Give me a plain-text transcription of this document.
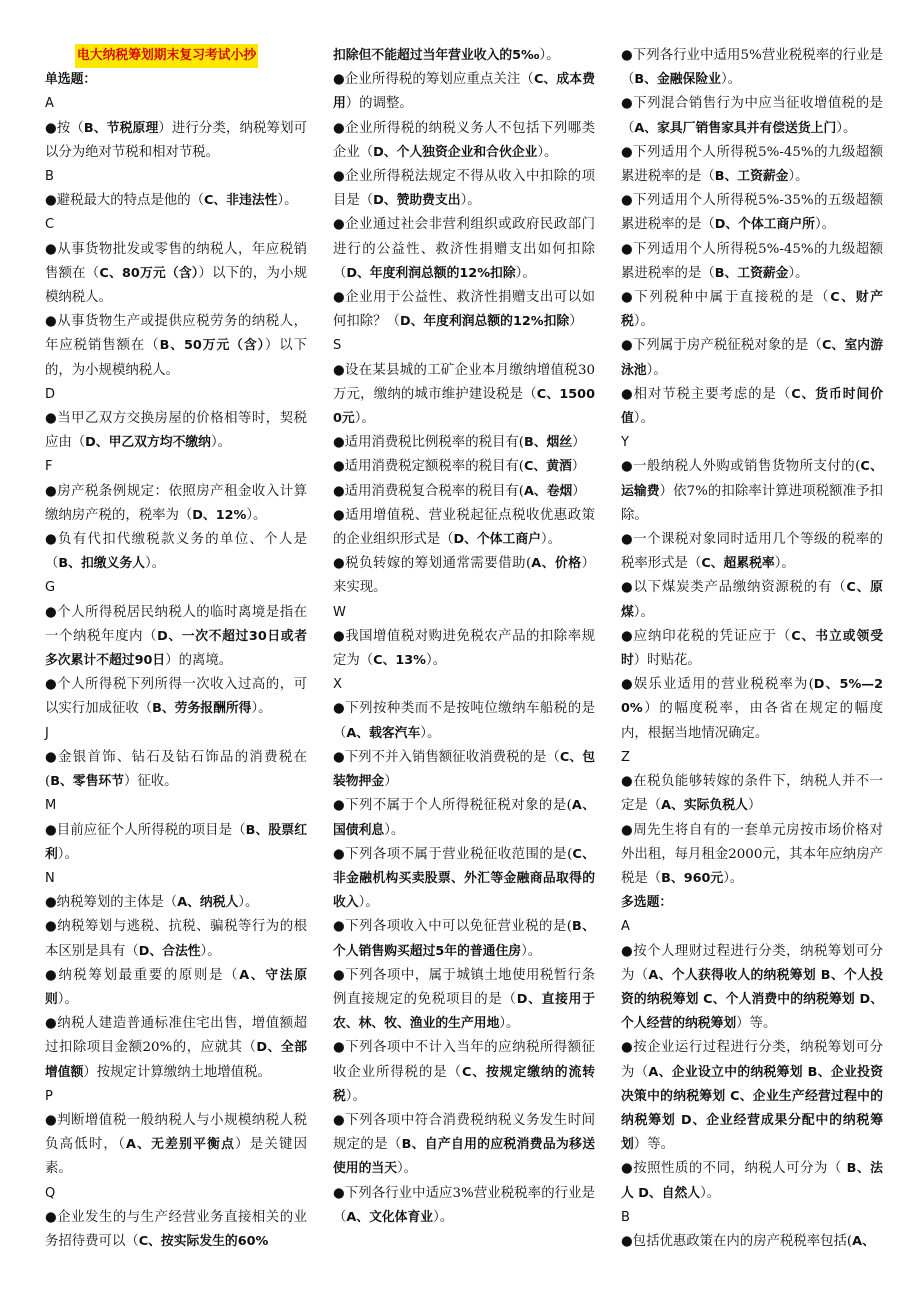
电大纳税筹划期末复习考试小抄
单选题：
A
●按（B、节税原理）进行分类，纳税筹划可以分为绝对节税和相对节税。
B
●避税最大的特点是他的（C、非违法性）。
C
●从事货物批发或零售的纳税人，年应税销售额在（C、80万元（含））以下的，为小规模纳税人。
●从事货物生产或提供应税劳务的纳税人，年应税销售额在（B、50万元（含））以下的，为小规模纳税人。
D
●当甲乙双方交换房屋的价格相等时，契税应由（D、甲乙双方均不缴纳）。
F
●房产税条例规定：依照房产租金收入计算缴纳房产税的，税率为（D、12%）。
●负有代扣代缴税款义务的单位、个人是（B、扣缴义务人）。
G
●个人所得税居民纳税人的临时离境是指在一个纳税年度内（D、一次不超过30日或者多次累计不超过90日）的离境。
●个人所得税下列所得一次收入过高的，可以实行加成征收（B、劳务报酬所得）。
J
●金银首饰、钻石及钻石饰品的消费税在(B、零售环节）征收。
M
●目前应征个人所得税的项目是（B、股票红利）。
N
●纳税筹划的主体是（A、纳税人）。
●纳税筹划与逃税、抗税、骗税等行为的根本区别是具有（D、合法性）。
●纳税筹划最重要的原则是（A、守法原则）。
●纳税人建造普通标准住宅出售，增值额超过扣除项目金额20%的，应就其（D、全部增值额）按规定计算缴纳土地增值税。
P
●判断增值税一般纳税人与小规模纳税人税负高低时，（A、无差别平衡点）是关键因素。
Q
●企业发生的与生产经营业务直接相关的业务招待费可以（C、按实际发生的60%
扣除但不能超过当年营业收入的5‰）。
●企业所得税的筹划应重点关注（C、成本费用）的调整。
●企业所得税的纳税义务人不包括下列哪类企业（D、个人独资企业和合伙企业）。
●企业所得税法规定不得从收入中扣除的项目是（D、赞助费支出）。
●企业通过社会非营利组织或政府民政部门进行的公益性、救济性捐赠支出如何扣除（D、年度利润总额的12%扣除）。
●企业用于公益性、救济性捐赠支出可以如何扣除？（D、年度利润总额的12%扣除）
S
●设在某县城的工矿企业本月缴纳增值税30万元，缴纳的城市维护建设税是（C、15000元）。
●适用消费税比例税率的税目有(B、烟丝）
●适用消费税定额税率的税目有(C、黄酒）
●适用消费税复合税率的税目有(A、卷烟）
●适用增值税、营业税起征点税收优惠政策的企业组织形式是（D、个体工商户）。
●税负转嫁的筹划通常需要借助(A、价格）来实现。
W
●我国增值税对购进免税农产品的扣除率规定为（C、13%）。
X
●下列按种类而不是按吨位缴纳车船税的是（A、载客汽车）。
●下列不并入销售额征收消费税的是（C、包装物押金）
●下列不属于个人所得税征税对象的是(A、国债利息）。
●下列各项不属于营业税征收范围的是(C、非金融机构买卖股票、外汇等金融商品取得的收入）。
●下列各项收入中可以免征营业税的是(B、个人销售购买超过5年的普通住房）。
●下列各项中，属于城镇土地使用税暂行条例直接规定的免税项目的是（D、直接用于农、林、牧、渔业的生产用地）。
●下列各项中不计入当年的应纳税所得额征收企业所得税的是（C、按规定缴纳的流转税）。
●下列各项中符合消费税纳税义务发生时间规定的是（B、自产自用的应税消费品为移送使用的当天）。
●下列各行业中适应3%营业税税率的行业是（A、文化体育业）。
●下列各行业中适用5%营业税税率的行业是（B、金融保险业）。
●下列混合销售行为中应当征收增值税的是（A、家具厂销售家具并有偿送货上门）。
●下列适用个人所得税5%-45%的九级超额累进税率的是（B、工资薪金）。
●下列适用个人所得税5%-35%的五级超额累进税率的是（D、个体工商户所）。
●下列适用个人所得税5%-45%的九级超额累进税率的是（B、工资薪金）。
●下列税种中属于直接税的是（C、财产税）。
●下列属于房产税征税对象的是（C、室内游泳池）。
●相对节税主要考虑的是（C、货币时间价值）。
Y
●一般纳税人外购或销售货物所支付的(C、运输费）依7%的扣除率计算进项税额准予扣除。
●一个课税对象同时适用几个等级的税率的税率形式是（C、超累税率）。
●以下煤炭类产品缴纳资源税的有（C、原煤）。
●应纳印花税的凭证应于（C、书立或领受时）时贴花。
●娱乐业适用的营业税税率为(D、5%—20%）的幅度税率，由各省在规定的幅度内，根据当地情况确定。
Z
●在税负能够转嫁的条件下，纳税人并不一定是（A、实际负税人）
●周先生将自有的一套单元房按市场价格对外出租，每月租金2000元，其本年应纳房产税是（B、960元）。
多选题：
A
●按个人理财过程进行分类，纳税筹划可分为（A、个人获得收人的纳税筹划 B、个人投资的纳税筹划 C、个人消费中的纳税筹划 D、个人经营的纳税筹划）等。
●按企业运行过程进行分类，纳税筹划可分为（A、企业设立中的纳税筹划 B、企业投资决策中的纳税筹划 C、企业生产经营过程中的纳税筹划 D、企业经营成果分配中的纳税筹划）等。
●按照性质的不同，纳税人可分为（ B、法人 D、自然人）。
B
●包括优惠政策在内的房产税税率包括(A、
